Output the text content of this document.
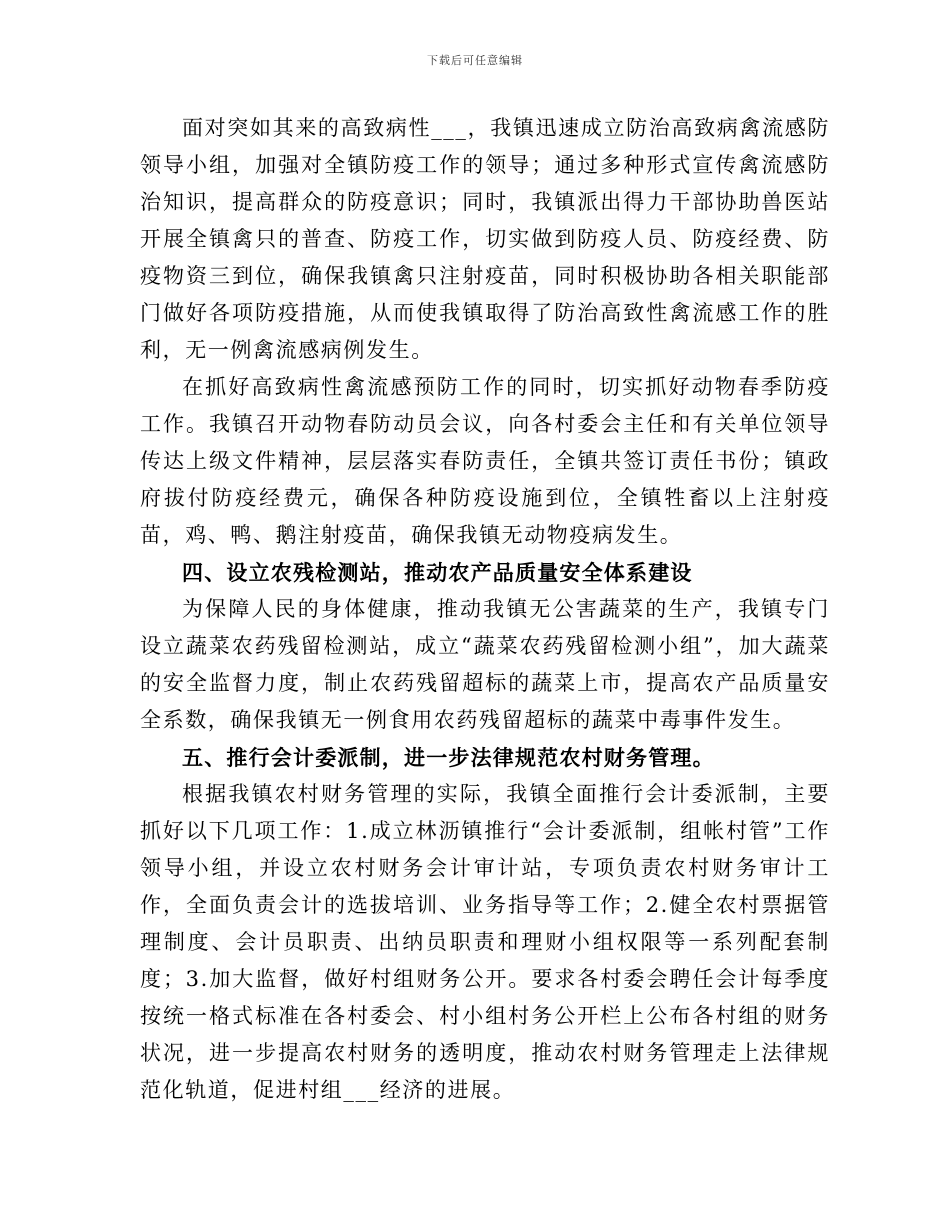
下载后可任意编辑

面对突如其来的高致病性___，我镇迅速成立防治高致病禽流感防领导小组，加强对全镇防疫工作的领导；通过多种形式宣传禽流感防治知识，提高群众的防疫意识；同时，我镇派出得力干部协助兽医站开展全镇禽只的普查、防疫工作，切实做到防疫人员、防疫经费、防疫物资三到位，确保我镇禽只注射疫苗，同时积极协助各相关职能部门做好各项防疫措施，从而使我镇取得了防治高致性禽流感工作的胜利，无一例禽流感病例发生。

在抓好高致病性禽流感预防工作的同时，切实抓好动物春季防疫工作。我镇召开动物春防动员会议，向各村委会主任和有关单位领导传达上级文件精神，层层落实春防责任，全镇共签订责任书份；镇政府拔付防疫经费元，确保各种防疫设施到位，全镇牲畜以上注射疫苗，鸡、鸭、鹅注射疫苗，确保我镇无动物疫病发生。

四、设立农残检测站，推动农产品质量安全体系建设

为保障人民的身体健康，推动我镇无公害蔬菜的生产，我镇专门设立蔬菜农药残留检测站，成立“蔬菜农药残留检测小组”，加大蔬菜的安全监督力度，制止农药残留超标的蔬菜上市，提高农产品质量安全系数，确保我镇无一例食用农药残留超标的蔬菜中毒事件发生。

五、推行会计委派制，进一步法律规范农村财务管理。

根据我镇农村财务管理的实际，我镇全面推行会计委派制，主要抓好以下几项工作：1.成立林沥镇推行“会计委派制，组帐村管”工作领导小组，并设立农村财务会计审计站，专项负责农村财务审计工作，全面负责会计的选拔培训、业务指导等工作；2.健全农村票据管理制度、会计员职责、出纳员职责和理财小组权限等一系列配套制度；3.加大监督，做好村组财务公开。要求各村委会聘任会计每季度按统一格式标准在各村委会、村小组村务公开栏上公布各村组的财务状况，进一步提高农村财务的透明度，推动农村财务管理走上法律规范化轨道，促进村组___经济的进展。
